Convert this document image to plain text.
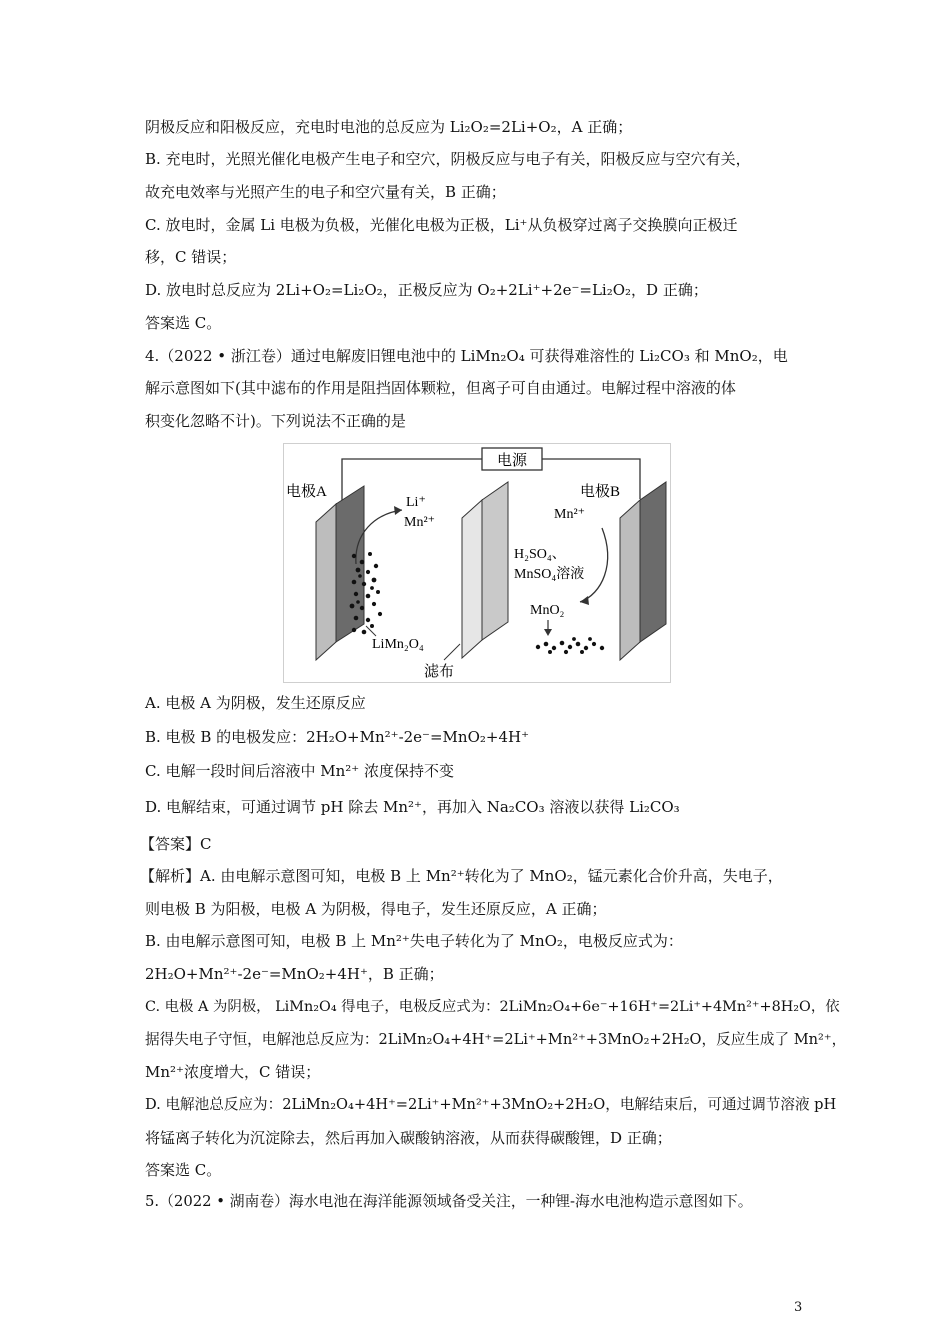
阴极反应和阳极反应，充电时电池的总反应为 Li₂O₂=2Li+O₂，A 正确；
B. 充电时，光照光催化电极产生电子和空穴，阴极反应与电子有关，阳极反应与空穴有关，
故充电效率与光照产生的电子和空穴量有关，B 正确；
C. 放电时，金属 Li 电极为负极，光催化电极为正极，Li⁺从负极穿过离子交换膜向正极迁
移，C 错误；
D. 放电时总反应为 2Li+O₂=Li₂O₂，正极反应为 O₂+2Li⁺+2e⁻=Li₂O₂，D 正确；
答案选 C。
4.（2022 • 浙江卷）通过电解废旧锂电池中的 LiMn₂O₄ 可获得难溶性的 Li₂CO₃ 和 MnO₂，电
解示意图如下(其中滤布的作用是阻挡固体颗粒，但离子可自由通过。电解过程中溶液的体
积变化忽略不计)。下列说法不正确的是
电源
电极A
滤布
电极B
Li⁺
Mn²⁺
LiMn₂O₄
Mn²⁺
H₂SO₄、
MnSO₄溶液
MnO₂
A. 电极 A 为阴极，发生还原反应
B. 电极 B 的电极发应：2H₂O+Mn²⁺-2e⁻=MnO₂+4H⁺
C. 电解一段时间后溶液中 Mn²⁺ 浓度保持不变
D. 电解结束，可通过调节 pH 除去 Mn²⁺，再加入 Na₂CO₃ 溶液以获得 Li₂CO₃
【答案】C
【解析】A. 由电解示意图可知，电极 B 上 Mn²⁺转化为了 MnO₂，锰元素化合价升高，失电子，
则电极 B 为阳极，电极 A 为阴极，得电子，发生还原反应，A 正确；
B. 由电解示意图可知，电极 B 上 Mn²⁺失电子转化为了 MnO₂，电极反应式为：
2H₂O+Mn²⁺-2e⁻=MnO₂+4H⁺，B 正确；
C. 电极 A 为阴极， LiMn₂O₄ 得电子，电极反应式为：2LiMn₂O₄+6e⁻+16H⁺=2Li⁺+4Mn²⁺+8H₂O，依
据得失电子守恒，电解池总反应为：2LiMn₂O₄+4H⁺=2Li⁺+Mn²⁺+3MnO₂+2H₂O，反应生成了 Mn²⁺，
Mn²⁺浓度增大，C 错误；
D. 电解池总反应为：2LiMn₂O₄+4H⁺=2Li⁺+Mn²⁺+3MnO₂+2H₂O，电解结束后，可通过调节溶液 pH
将锰离子转化为沉淀除去，然后再加入碳酸钠溶液，从而获得碳酸锂，D 正确；
答案选 C。
5.（2022 • 湖南卷）海水电池在海洋能源领域备受关注，一种锂-海水电池构造示意图如下。
3
